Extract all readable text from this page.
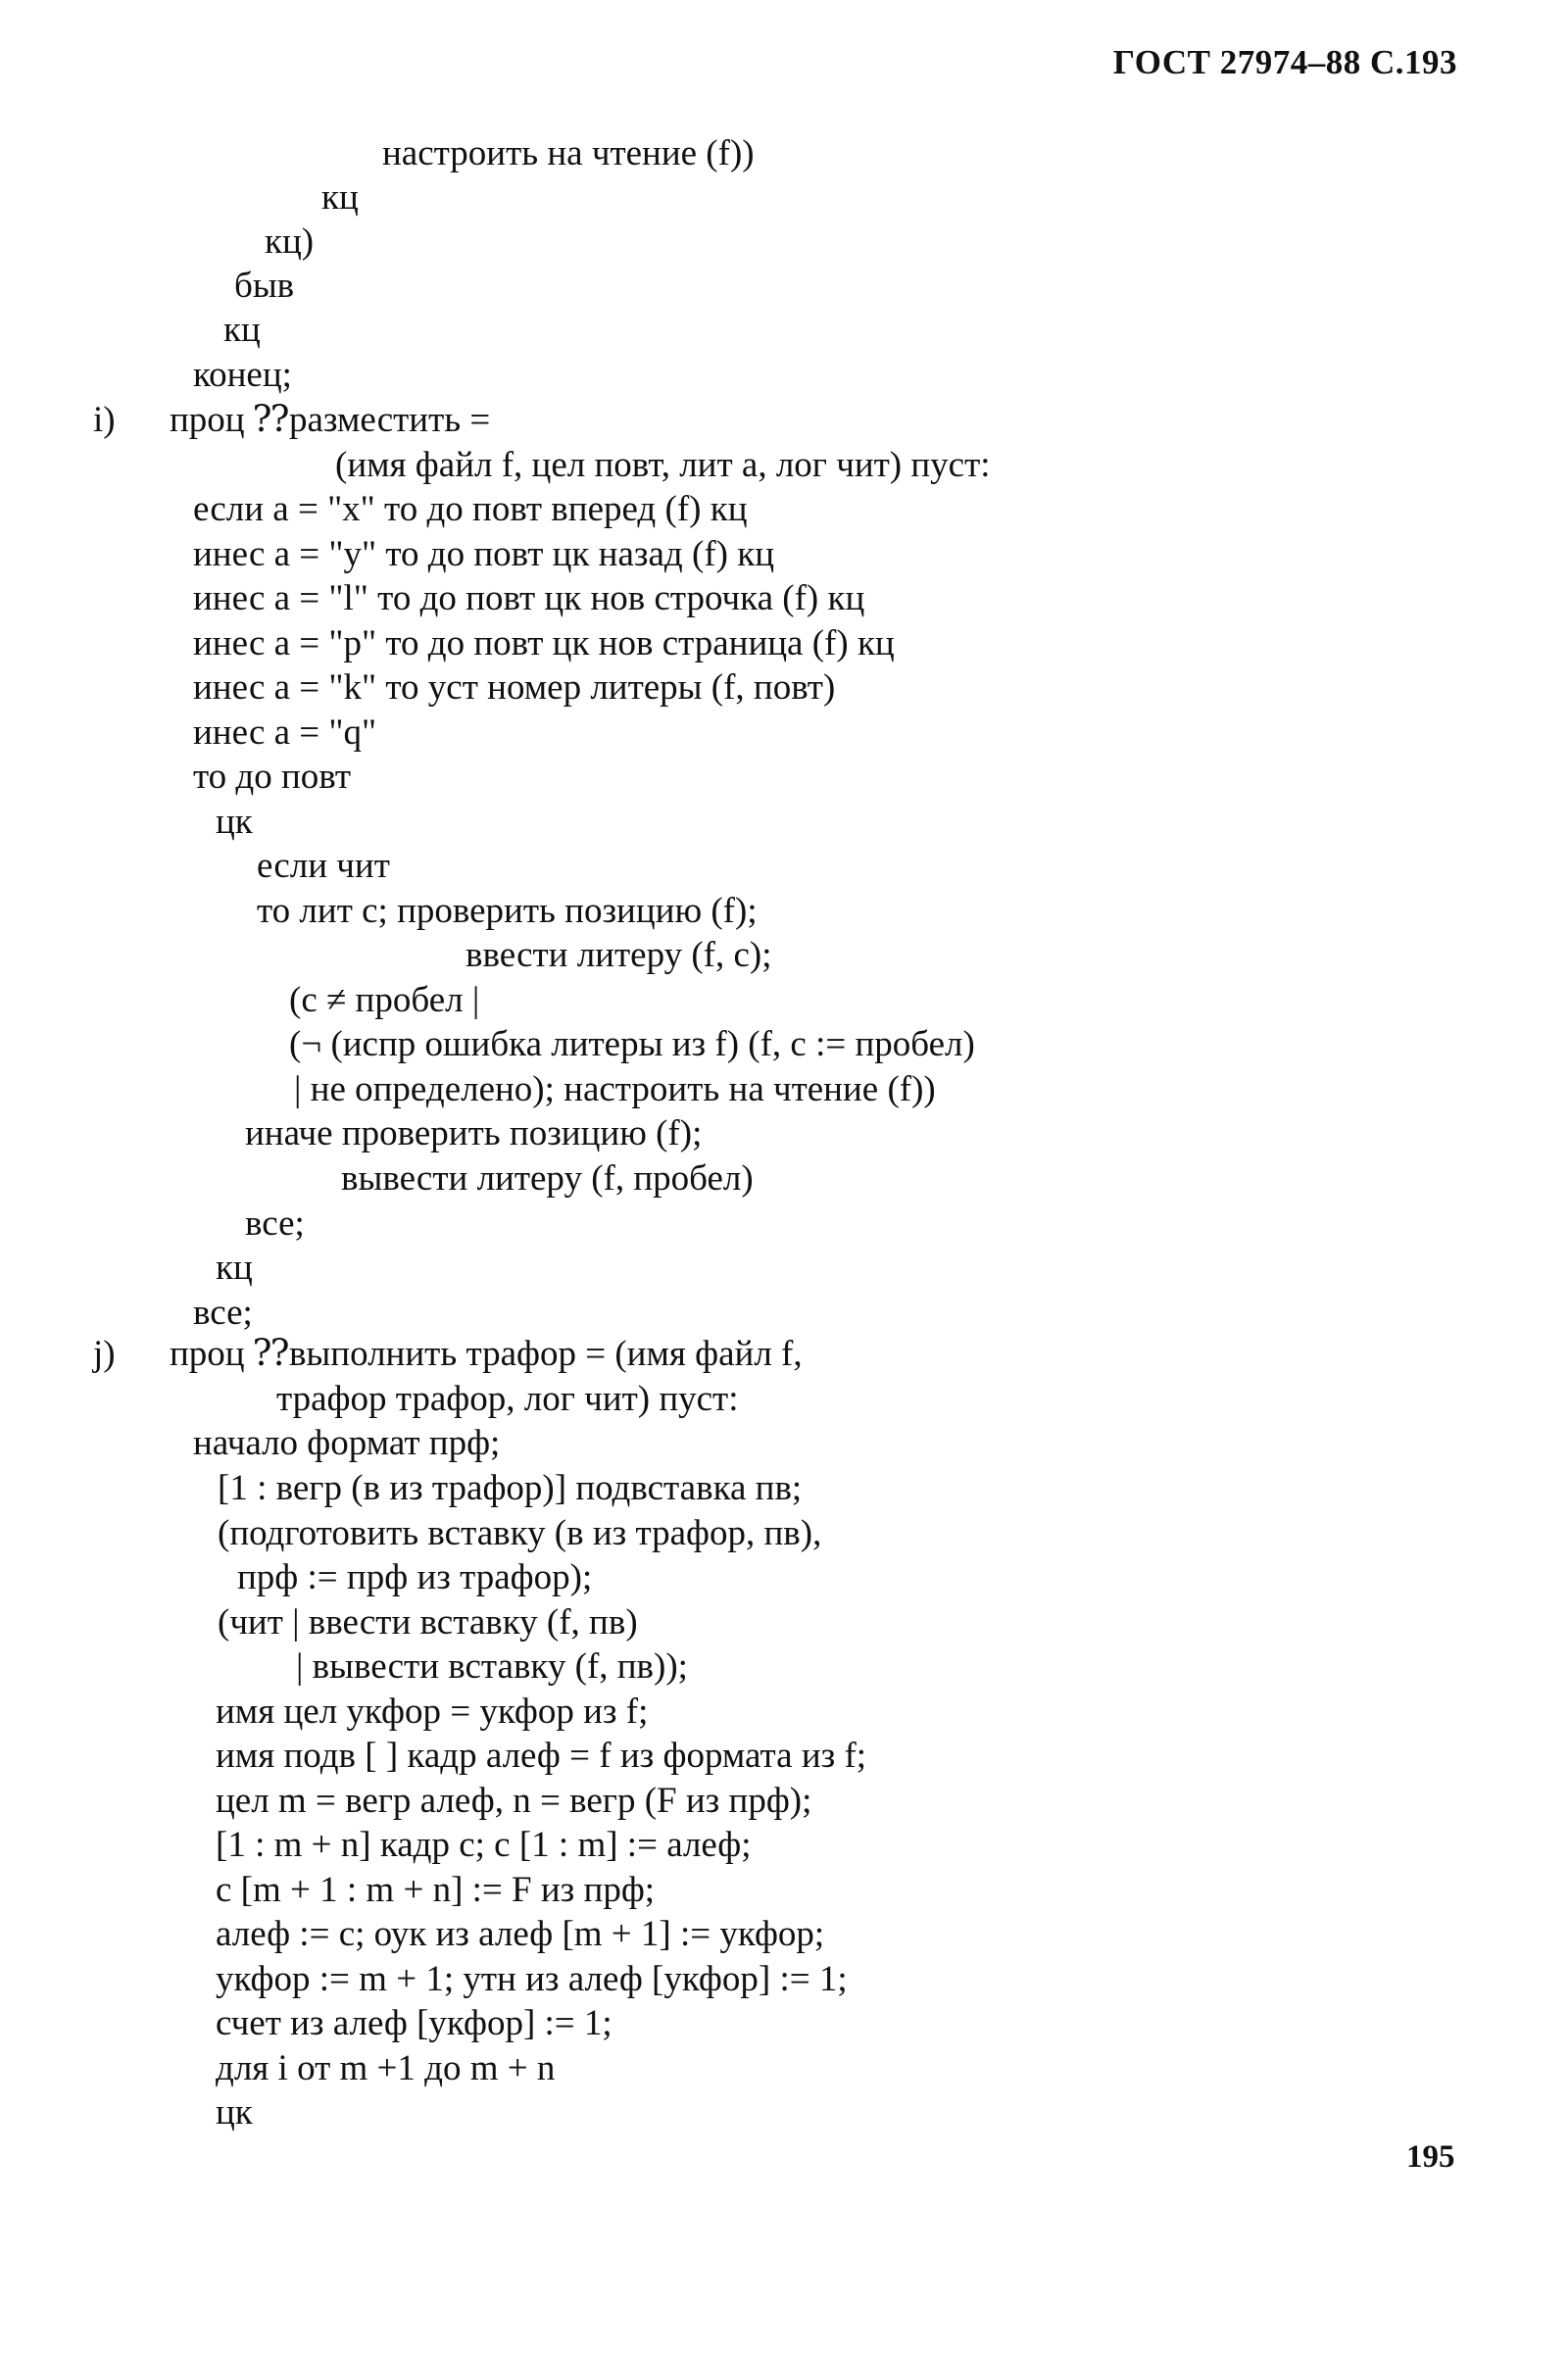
ГОСТ 27974–88 С.193
i)
j)
настроить на чтение (f))
кц
кц)
быв
кц
конец;
проц ⁇разместить =
(имя файл f, цел повт, лит a, лог чит) пуст:
если a = "x" то до повт вперед (f) кц
инес a = "y" то до повт цк назад (f) кц
инес a = "l" то до повт цк нов строчка (f) кц
инес a = "p" то до повт цк нов страница (f) кц
инес a = "k" то уст номер литеры (f, повт)
инес a = "q"
то до повт
цк
если чит
то лит c; проверить позицию (f);
ввести литеру (f, c);
(c ≠ пробел |
(¬ (испр ошибка литеры из f) (f, c := пробел)
| не определено); настроить на чтение (f))
иначе проверить позицию (f);
вывести литеру (f, пробел)
все;
кц
все;
проц ⁇выполнить трафор = (имя файл f,
трафор трафор, лог чит) пуст:
начало формат прф;
[1 : вегр (в из трафор)] подвставка пв;
(подготовить вставку (в из трафор, пв),
прф := прф из трафор);
(чит | ввести вставку (f, пв)
| вывести вставку (f, пв));
имя цел укфор = укфор из f;
имя подв [ ] кадр алеф = f из формата из f;
цел m = вегр алеф, n = вегр (F из прф);
[1 : m + n] кадр c; c [1 : m] := алеф;
c [m + 1 : m + n] := F из прф;
алеф := c; оук из алеф [m + 1] := укфор;
укфор := m + 1; утн из алеф [укфор] := 1;
счет из алеф [укфор] := 1;
для i от m +1 до m + n
цк
195
